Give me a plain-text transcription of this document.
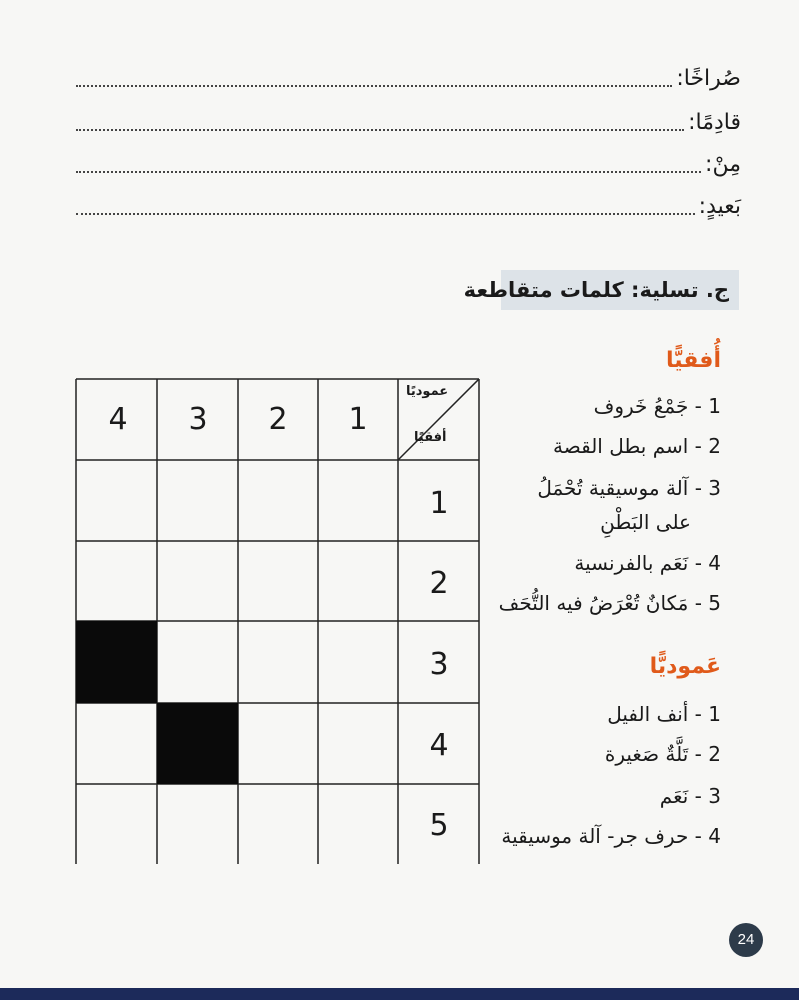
صُراخًا:
قادِمًا:
مِنْ:
بَعيدٍ:
ج. تسلية: كلمات متقاطعة
عموديًا
أفقيًا
1
2
3
4
1
2
3
4
5
أُفقيًّا
1 - جَمْعُ خَروف
2 - اسم بطل القصة
3 - آلة موسيقية تُحْمَلُ
على البَطْنِ
4 - نَعَم بالفرنسية
5 - مَكانٌ تُعْرَضُ فيه التُّحَف
عَموديًّا
1 - أنف الفيل
2 - تَلَّةٌ صَغيرة
3 - نَعَم
4 - حرف جر- آلة موسيقية
24
